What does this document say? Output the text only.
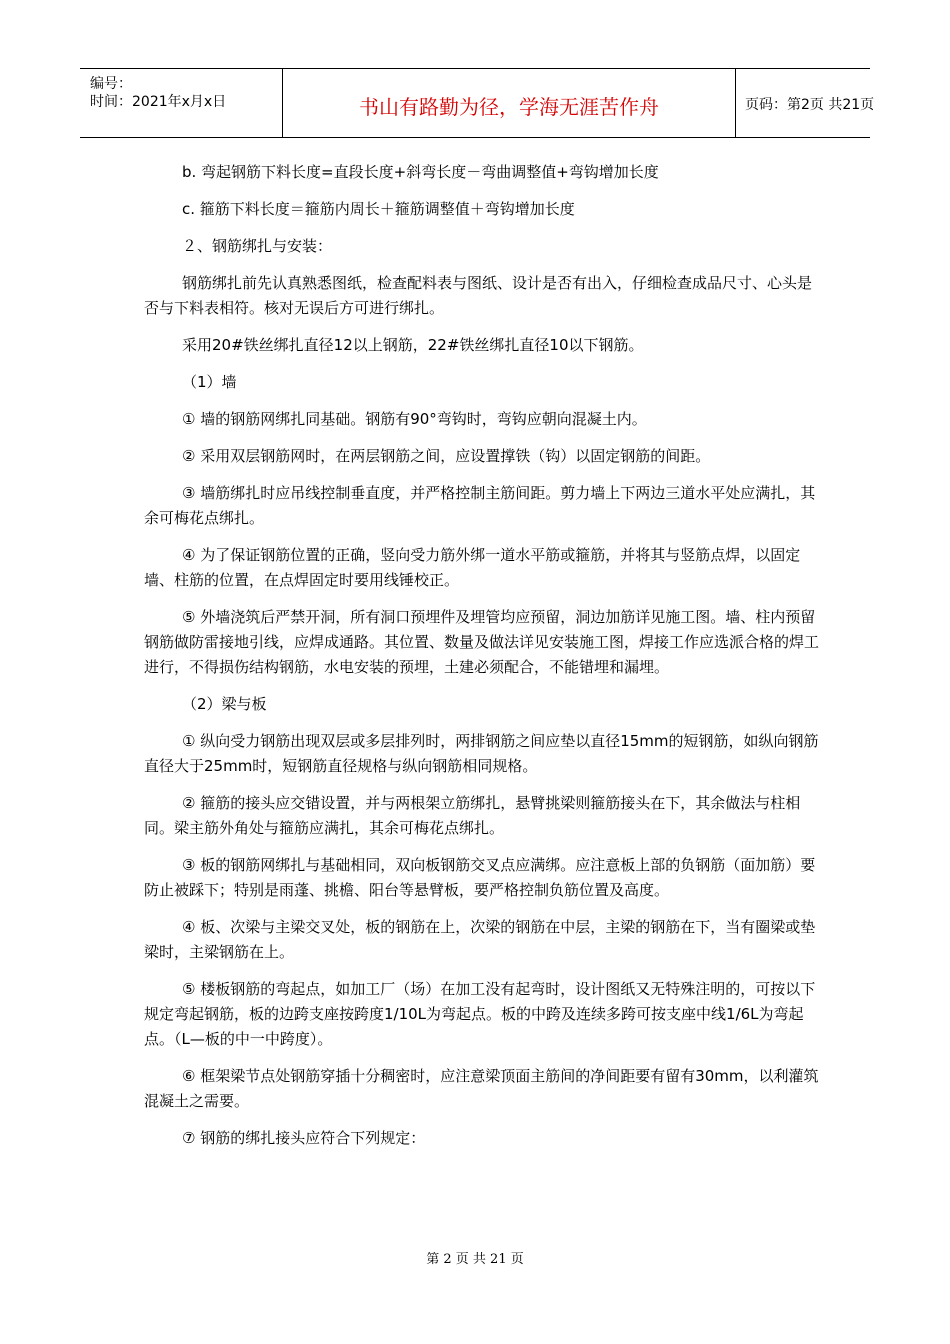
编号：
时间：2021年x月x日	书山有路勤为径，学海无涯苦作舟	页码：第2页 共21页

b. 弯起钢筋下料长度=直段长度+斜弯长度－弯曲调整值+弯钩增加长度

c. 箍筋下料长度＝箍筋内周长＋箍筋调整值＋弯钩增加长度

２、钢筋绑扎与安装：

钢筋绑扎前先认真熟悉图纸，检查配料表与图纸、设计是否有出入，仔细检查成品尺寸、心头是否与下料表相符。核对无误后方可进行绑扎。

采用20#铁丝绑扎直径12以上钢筋，22#铁丝绑扎直径10以下钢筋。

（1）墙

① 墙的钢筋网绑扎同基础。钢筋有90°弯钩时，弯钩应朝向混凝土内。

② 采用双层钢筋网时，在两层钢筋之间，应设置撑铁（钩）以固定钢筋的间距。

③ 墙筋绑扎时应吊线控制垂直度，并严格控制主筋间距。剪力墙上下两边三道水平处应满扎，其余可梅花点绑扎。

④ 为了保证钢筋位置的正确，竖向受力筋外绑一道水平筋或箍筋，并将其与竖筋点焊，以固定墙、柱筋的位置，在点焊固定时要用线锤校正。

⑤ 外墙浇筑后严禁开洞，所有洞口预埋件及埋管均应预留，洞边加筋详见施工图。墙、柱内预留钢筋做防雷接地引线，应焊成通路。其位置、数量及做法详见安装施工图，焊接工作应选派合格的焊工进行，不得损伤结构钢筋，水电安装的预埋，土建必须配合，不能错埋和漏埋。

（2）梁与板

① 纵向受力钢筋出现双层或多层排列时，两排钢筋之间应垫以直径15mm的短钢筋，如纵向钢筋直径大于25mm时，短钢筋直径规格与纵向钢筋相同规格。

② 箍筋的接头应交错设置，并与两根架立筋绑扎，悬臂挑梁则箍筋接头在下，其余做法与柱相同。梁主筋外角处与箍筋应满扎，其余可梅花点绑扎。

③ 板的钢筋网绑扎与基础相同，双向板钢筋交叉点应满绑。应注意板上部的负钢筋（面加筋）要防止被踩下；特别是雨蓬、挑檐、阳台等悬臂板，要严格控制负筋位置及高度。

④ 板、次梁与主梁交叉处，板的钢筋在上，次梁的钢筋在中层，主梁的钢筋在下，当有圈梁或垫梁时，主梁钢筋在上。

⑤ 楼板钢筋的弯起点，如加工厂（场）在加工没有起弯时，设计图纸又无特殊注明的，可按以下规定弯起钢筋，板的边跨支座按跨度1/10L为弯起点。板的中跨及连续多跨可按支座中线1/6L为弯起点。（L—板的中一中跨度）。

⑥ 框架梁节点处钢筋穿插十分稠密时，应注意梁顶面主筋间的净间距要有留有30mm，以利灌筑混凝土之需要。

⑦ 钢筋的绑扎接头应符合下列规定：

第 2 页 共 21 页
